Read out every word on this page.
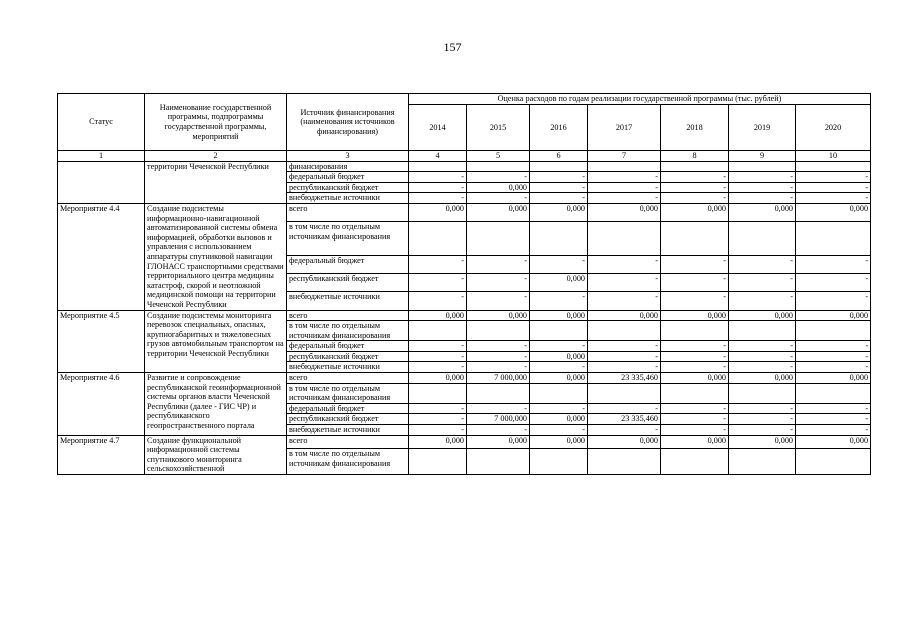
157
Статус	Наименование государственной программы, подпрограммы государственной программы, мероприятий	Источник финансирования (наименования источников финансирования)	Оценка расходов по годам реализации государственной программы (тыс. рублей)						
			2014	2015	2016	2017	2018	2019	2020
1	2	3	4	5	6	7	8	9	10
	территории Чеченской Республики	финансирования							
		федеральный бюджет	-	-	-	-	-	-	-
		республиканский бюджет	-	0,000	-	-	-	-	-
		внебюджетные источники	-	-	-	-	-	-	-
Мероприятие 4.4	Создание подсистемы информационно-навигационной автоматизированной системы обмена информацией, обработки вызовов и управления с использованием аппаратуры спутниковой навигации ГЛОНАСС транспортными средствами территориального центра медицины катастроф, скорой и неотложной медицинской помощи на территории Чеченской Республики	всего	0,000	0,000	0,000	0,000	0,000	0,000	0,000
		в том числе по отдельным источникам финансирования							
		федеральный бюджет	-	-	-	-	-	-	-
		республиканский бюджет	-	-	0,000	-	-	-	-
		внебюджетные источники	-	-	-	-	-	-	-
Мероприятие 4.5	Создание подсистемы мониторинга перевозок специальных, опасных, крупногабаритных и тяжеловесных грузов автомобильным транспортом на территории Чеченской Республики	всего	0,000	0,000	0,000	0,000	0,000	0,000	0,000
		в том числе по отдельным источникам финансирования							
		федеральный бюджет	-	-	-	-	-	-	-
		республиканский бюджет	-	-	0,000	-	-	-	-
		внебюджетные источники	-	-	-	-	-	-	-
Мероприятие 4.6	Развитие и сопровождение республиканской геоинформационной системы органов власти Чеченской Республики (далее - ГИС ЧР) и республиканского геопространственного портала	всего	0,000	7 000,000	0,000	23 335,460	0,000	0,000	0,000
		в том числе по отдельным источникам финансирования							
		федеральный бюджет	-	-	-	-	-	-	-
		республиканский бюджет	-	7 000,000	0,000	23 335,460	-	-	-
		внебюджетные источники	-	-	-	-	-	-	-
Мероприятие 4.7	Создание функциональной информационной системы спутникового мониторинга сельскохозяйственной	всего	0,000	0,000	0,000	0,000	0,000	0,000	0,000
		в том числе по отдельным источникам финансирования							
